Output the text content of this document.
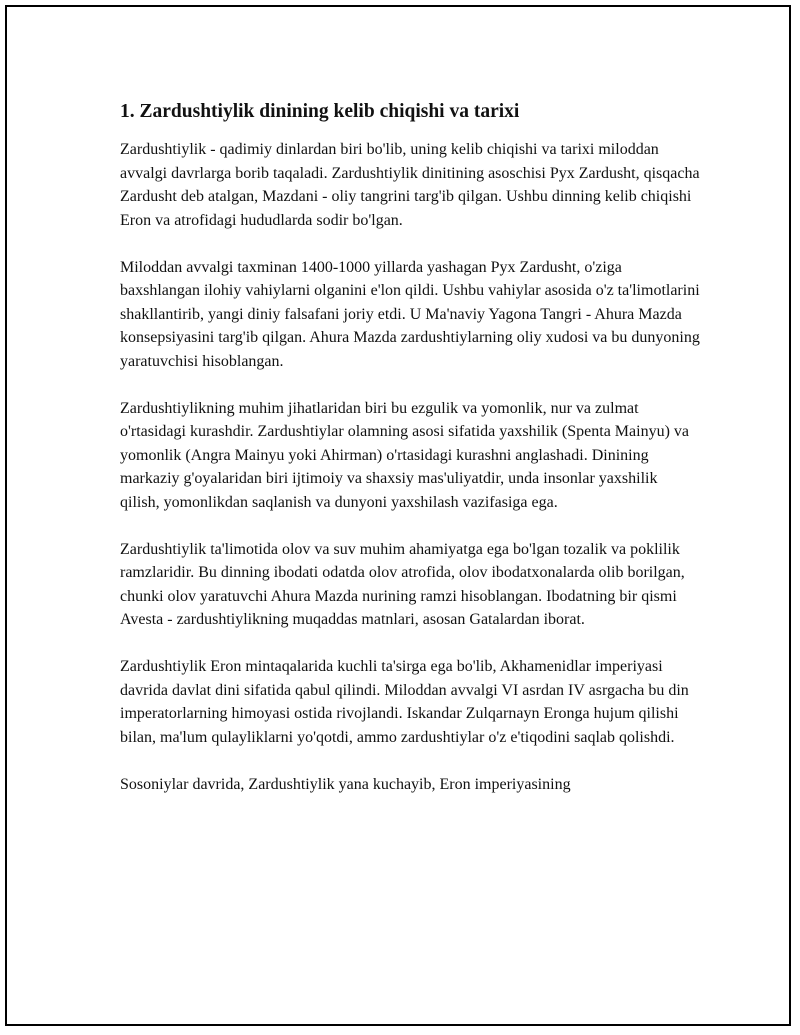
1. Zardushtiylik dinining kelib chiqishi va tarixi

Zardushtiylik - qadimiy dinlardan biri bo'lib, uning kelib chiqishi va tarixi miloddan avvalgi davrlarga borib taqaladi. Zardushtiylik dinitining asoschisi Pyx Zardusht, qisqacha Zardusht deb atalgan, Mazdani - oliy tangrini targ'ib qilgan. Ushbu dinning kelib chiqishi Eron va atrofidagi hududlarda sodir bo'lgan.

Miloddan avvalgi taxminan 1400-1000 yillarda yashagan Pyx Zardusht, o'ziga baxshlangan ilohiy vahiylarni olganini e'lon qildi. Ushbu vahiylar asosida o'z ta'limotlarini shakllantirib, yangi diniy falsafani joriy etdi. U Ma'naviy Yagona Tangri - Ahura Mazda konsepsiyasini targ'ib qilgan. Ahura Mazda zardushtiylarning oliy xudosi va bu dunyoning yaratuvchisi hisoblangan.

Zardushtiylikning muhim jihatlaridan biri bu ezgulik va yomonlik, nur va zulmat o'rtasidagi kurashdir. Zardushtiylar olamning asosi sifatida yaxshilik (Spenta Mainyu) va yomonlik (Angra Mainyu yoki Ahirman) o'rtasidagi kurashni anglashadi. Dinining markaziy g'oyalaridan biri ijtimoiy va shaxsiy mas'uliyatdir, unda insonlar yaxshilik qilish, yomonlikdan saqlanish va dunyoni yaxshilash vazifasiga ega.

Zardushtiylik ta'limotida olov va suv muhim ahamiyatga ega bo'lgan tozalik va poklilik ramzlaridir. Bu dinning ibodati odatda olov atrofida, olov ibodatxonalarda olib borilgan, chunki olov yaratuvchi Ahura Mazda nurining ramzi hisoblangan. Ibodatning bir qismi Avesta - zardushtiylikning muqaddas matnlari, asosan Gatalardan iborat.

Zardushtiylik Eron mintaqalarida kuchli ta'sirga ega bo'lib, Akhamenidlar imperiyasi davrida davlat dini sifatida qabul qilindi. Miloddan avvalgi VI asrdan IV asrgacha bu din imperatorlarning himoyasi ostida rivojlandi. Iskandar Zulqarnayn Eronga hujum qilishi bilan, ma'lum qulayliklarni yo'qotdi, ammo zardushtiylar o'z e'tiqodini saqlab qolishdi.

Sosoniylar davrida, Zardushtiylik yana kuchayib, Eron imperiyasining
